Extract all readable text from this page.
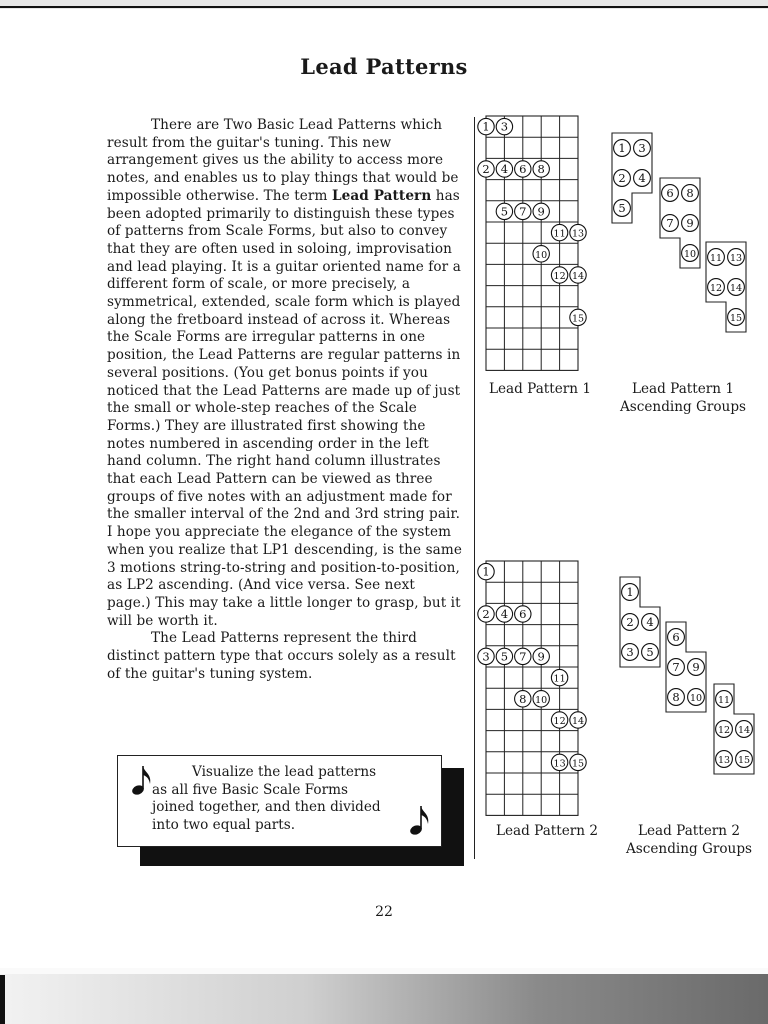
Lead Patterns

There are Two Basic Lead Patterns which result from the guitar's tuning. This new arrangement gives us the ability to access more notes, and enables us to play things that would be impossible otherwise. The term Lead Pattern has been adopted primarily to distinguish these types of patterns from Scale Forms, but also to convey that they are often used in soloing, improvisation and lead playing. It is a guitar oriented name for a different form of scale, or more precisely, a symmetrical, extended, scale form which is played along the fretboard instead of across it. Whereas the Scale Forms are irregular patterns in one position, the Lead Patterns are regular patterns in several positions. (You get bonus points if you noticed that the Lead Patterns are made up of just the small or whole-step reaches of the Scale Forms.) They are illustrated first showing the notes numbered in ascending order in the left hand column. The right hand column illustrates that each Lead Pattern can be viewed as three groups of five notes with an adjustment made for the smaller interval of the 2nd and 3rd string pair. I hope you appreciate the elegance of the system when you realize that LP1 descending, is the same 3 motions string-to-string and position-to-position, as LP2 ascending. (And vice versa. See next page.) This may take a little longer to grasp, but it will be worth it.

The Lead Patterns represent the third distinct pattern type that occurs solely as a result of the guitar's tuning system.

Visualize the lead patterns
as all five Basic Scale Forms
joined together, and then divided
into two equal parts.
1 3
2 4 6 8
5 7 9
11 13
10
12 14
15
Lead Pattern 1
1 3
2 4
5
6 8
7 9
10 11 13
12 14
15
Lead Pattern 1
Ascending Groups
1
2 4 6
3 5 7 9
11
8 10
12 14
13 15
Lead Pattern 2
1
2 4
3 5
6
7 9
8 10 11
12 14
13 15
Lead Pattern 2
Ascending Groups
22
